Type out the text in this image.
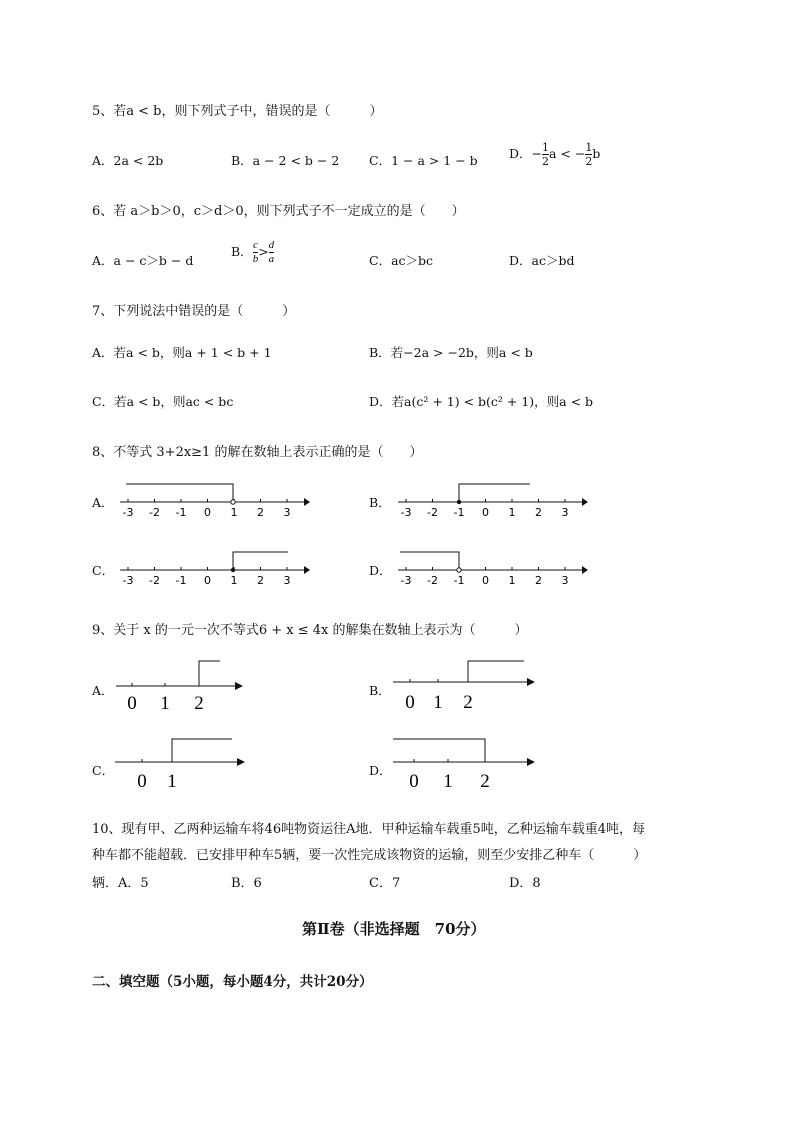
5、若a < b，则下列式子中，错误的是（　　　）
A．2a < 2b	B．a − 2 < b − 2 C．1 − a > 1 − b	D．− $\frac{1}{2}$ a < − $\frac{1}{2}$ b
6、若 a＞b＞0，c＞d＞0，则下列式子不一定成立的是（　　）
A．a − c＞b − d
B． $\frac{c}{b} > \frac{d}{a}$	C．ac＞bc	D．ac＞bd
7、下列说法中错误的是（　　　）
A．若a < b，则a + 1 < b + 1	B．若−2a > −2b，则a < b
C．若a < b，则ac < bc	D．若a(c² + 1) < b(c² + 1)，则a < b
8、不等式 3+2x≥1 的解在数轴上表示正确的是（　　）
A．
-3 -2 -1 0 1 2 3
B．
-3 -2 -1 0 1 2 3
C．
-3 -2 -1 0 1 2 3
D．
-3 -2 -1 0 1 2 3
9、关于 x 的一元一次不等式6 + x ≤ 4x 的解集在数轴上表示为（　　　）
A．
0 1 2
B．
0 1 2
C．
0 1
D．
0 1 2
10、现有甲、乙两种运输车将46吨物资运往A地．甲种运输车载重5吨，乙种运输车载重4吨，每
种车都不能超载．已安排甲种车5辆，要一次性完成该物资的运输，则至少安排乙种车（　　　）
辆．A．5	B．6	C．7	D．8
第Ⅱ卷（非选择题　70分）
二、填空题（5小题，每小题4分，共计20分）
